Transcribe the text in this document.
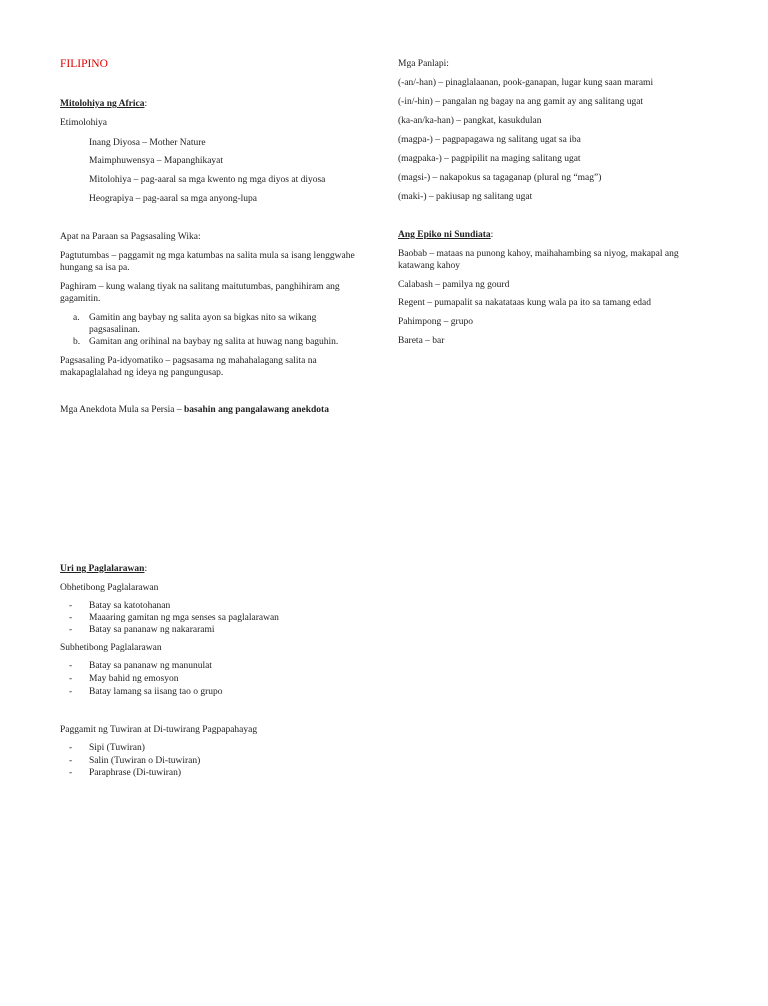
FILIPINO
Mitolohiya ng Africa:
Etimolohiya
Inang Diyosa – Mother Nature
Maimphuwensya – Mapanghikayat
Mitolohiya – pag-aaral sa mga kwento ng mga diyos at diyosa
Heograpiya – pag-aaral sa mga anyong-lupa
Apat na Paraan sa Pagsasaling Wika:
Pagtutumbas – paggamit ng mga katumbas na salita mula sa isang lenggwahe hungang sa isa pa.
Paghiram – kung walang tiyak na salitang maitutumbas, panghihiram ang gagamitin.
a. Gamitin ang baybay ng salita ayon sa bigkas nito sa wikang pagsasalinan.
b. Gamitan ang orihinal na baybay ng salita at huwag nang baguhin.
Pagsasaling Pa-idyomatiko – pagsasama ng mahahalagang salita na makapaglalahad ng ideya ng pangungusap.
Mga Anekdota Mula sa Persia – basahin ang pangalawang anekdota
Uri ng Paglalarawan:
Obhetibong Paglalarawan
- Batay sa katotohanan
- Maaaring gamitan ng mga senses sa paglalarawan
- Batay sa pananaw ng nakararami
Subhetibong Paglalarawan
- Batay sa pananaw ng manunulat
- May bahid ng emosyon
- Batay lamang sa iisang tao o grupo
Paggamit ng Tuwiran at Di-tuwirang Pagpapahayag
- Sipi (Tuwiran)
- Salin (Tuwiran o Di-tuwiran)
- Paraphrase (Di-tuwiran)
Mga Panlapi:
(-an/-han) – pinaglalaanan, pook-ganapan, lugar kung saan marami
(-in/-hin) – pangalan ng bagay na ang gamit ay ang salitang ugat
(ka-an/ka-han) – pangkat, kasukdulan
(magpa-) – pagpapagawa ng salitang ugat sa iba
(magpaka-) – pagpipilit na maging salitang ugat
(magsi-) – nakapokus sa tagaganap (plural ng “mag”)
(maki-) – pakiusap ng salitang ugat
Ang Epiko ni Sundiata:
Baobab – mataas na punong kahoy, maihahambing sa niyog, makapal ang katawang kahoy
Calabash – pamilya ng gourd
Regent – pumapalit sa nakatataas kung wala pa ito sa tamang edad
Pahimpong – grupo
Bareta – bar
